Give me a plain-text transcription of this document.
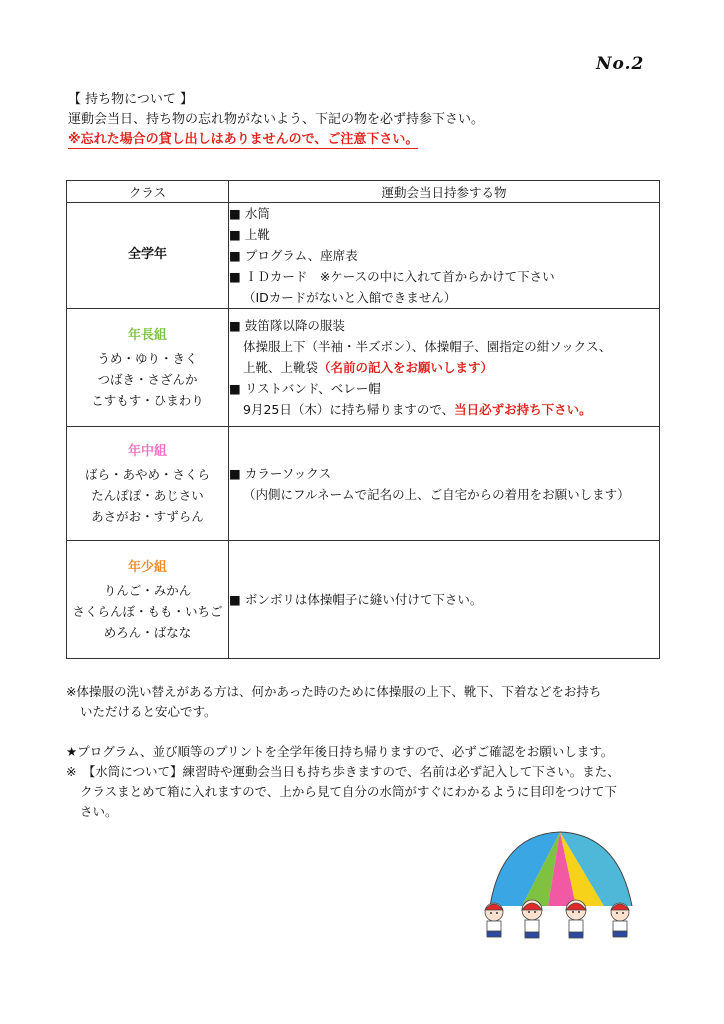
No.2
【 持ち物について 】
運動会当日、持ち物の忘れ物がないよう、下記の物を必ず持参下さい。
※忘れた場合の貸し出しはありませんので、ご注意下さい。
クラス	運動会当日持参する物

全学年	■ 水筒
■ 上靴
■ プログラム、座席表
■ ＩＤカード　※ケースの中に入れて首からかけて下さい
（IDカードがないと入館できません）

年長組
うめ・ゆり・きく
つばき・さざんか
こすもす・ひまわり	■ 鼓笛隊以降の服装
体操服上下（半袖・半ズボン）、体操帽子、園指定の紺ソックス、
上靴、上靴袋（名前の記入をお願いします）
■ リストバンド、ベレー帽
9月25日（木）に持ち帰りますので、当日必ずお持ち下さい。

年中組
ばら・あやめ・さくら
たんぽぽ・あじさい
あさがお・すずらん	■ カラーソックス
（内側にフルネームで記名の上、ご自宅からの着用をお願いします）

年少組
りんご・みかん
さくらんぼ・もも・いちご
めろん・ばなな	■ ボンボリは体操帽子に縫い付けて下さい。
※体操服の洗い替えがある方は、何かあった時のために体操服の上下、靴下、下着などをお持ち
いただけると安心です。
★プログラム、並び順等のプリントを全学年後日持ち帰りますので、必ずご確認をお願いします。
※　【水筒について】練習時や運動会当日も持ち歩きますので、名前は必ず記入して下さい。また、
クラスまとめて箱に入れますので、上から見て自分の水筒がすぐにわかるように目印をつけて下
さい。
